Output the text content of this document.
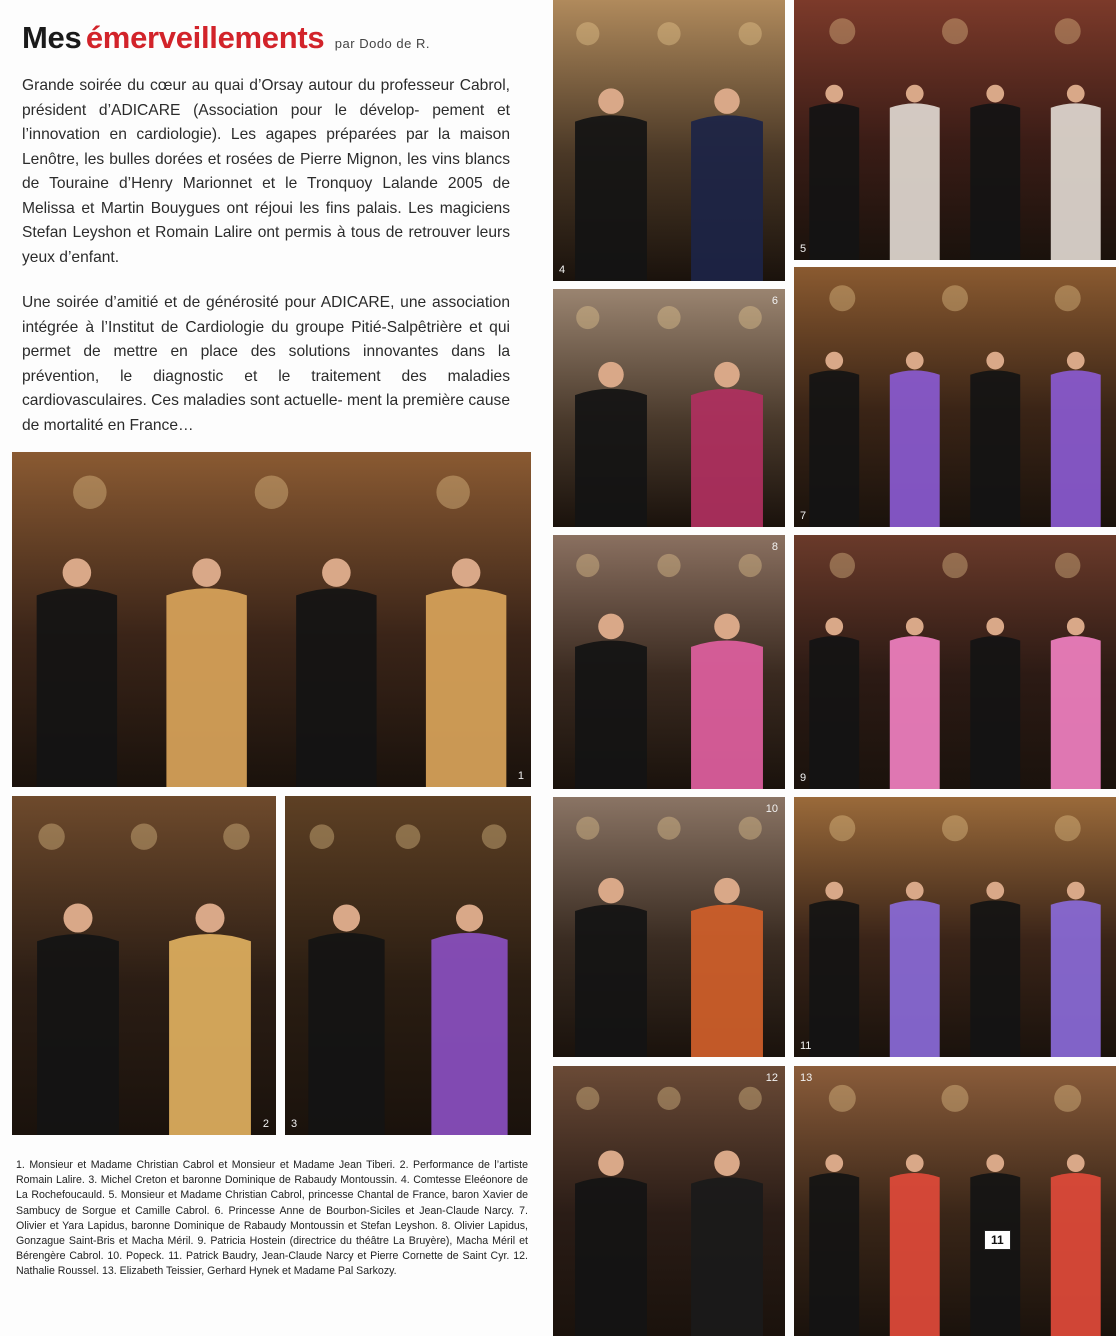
Mes émerveillements par Dodo de R.

Grande soirée du cœur au quai d’Orsay autour du professeur Cabrol, président d’ADICARE (Association pour le dévelop- pement et l’innovation en cardiologie). Les agapes préparées par la maison Lenôtre, les bulles dorées et rosées de Pierre Mignon, les vins blancs de Touraine d’Henry Marionnet et le Tronquoy Lalande 2005 de Melissa et Martin Bouygues ont réjoui les fins palais. Les magiciens Stefan Leyshon et Romain Lalire ont permis à tous de retrouver leurs yeux d’enfant.

Une soirée d’amitié et de générosité pour ADICARE, une association intégrée à l’Institut de Cardiologie du groupe Pitié-Salpêtrière et qui permet de mettre en place des solutions innovantes dans la prévention, le diagnostic et le traitement des maladies cardiovasculaires. Ces maladies sont actuelle- ment la première cause de mortalité en France…

1
2 3
4
5
6
7
8
9
10
11
12 13
11

1. Monsieur et Madame Christian Cabrol et Monsieur et Madame Jean Tiberi. 2. Performance de l’artiste Romain Lalire. 3. Michel Creton et baronne Dominique de Rabaudy Montoussin. 4. Comtesse Eleéonore de La Rochefoucauld. 5. Monsieur et Madame Christian Cabrol, princesse Chantal de France, baron Xavier de Sambucy de Sorgue et Camille Cabrol. 6. Princesse Anne de Bourbon-Siciles et Jean-Claude Narcy. 7. Olivier et Yara Lapidus, baronne Dominique de Rabaudy Montoussin et Stefan Leyshon. 8. Olivier Lapidus, Gonzague Saint-Bris et Macha Méril. 9. Patricia Hostein (directrice du théâtre La Bruyère), Macha Méril et Bérengère Cabrol. 10. Popeck. 11. Patrick Baudry, Jean-Claude Narcy et Pierre Cornette de Saint Cyr. 12. Nathalie Roussel. 13. Elizabeth Teissier, Gerhard Hynek et Madame Pal Sarkozy.
